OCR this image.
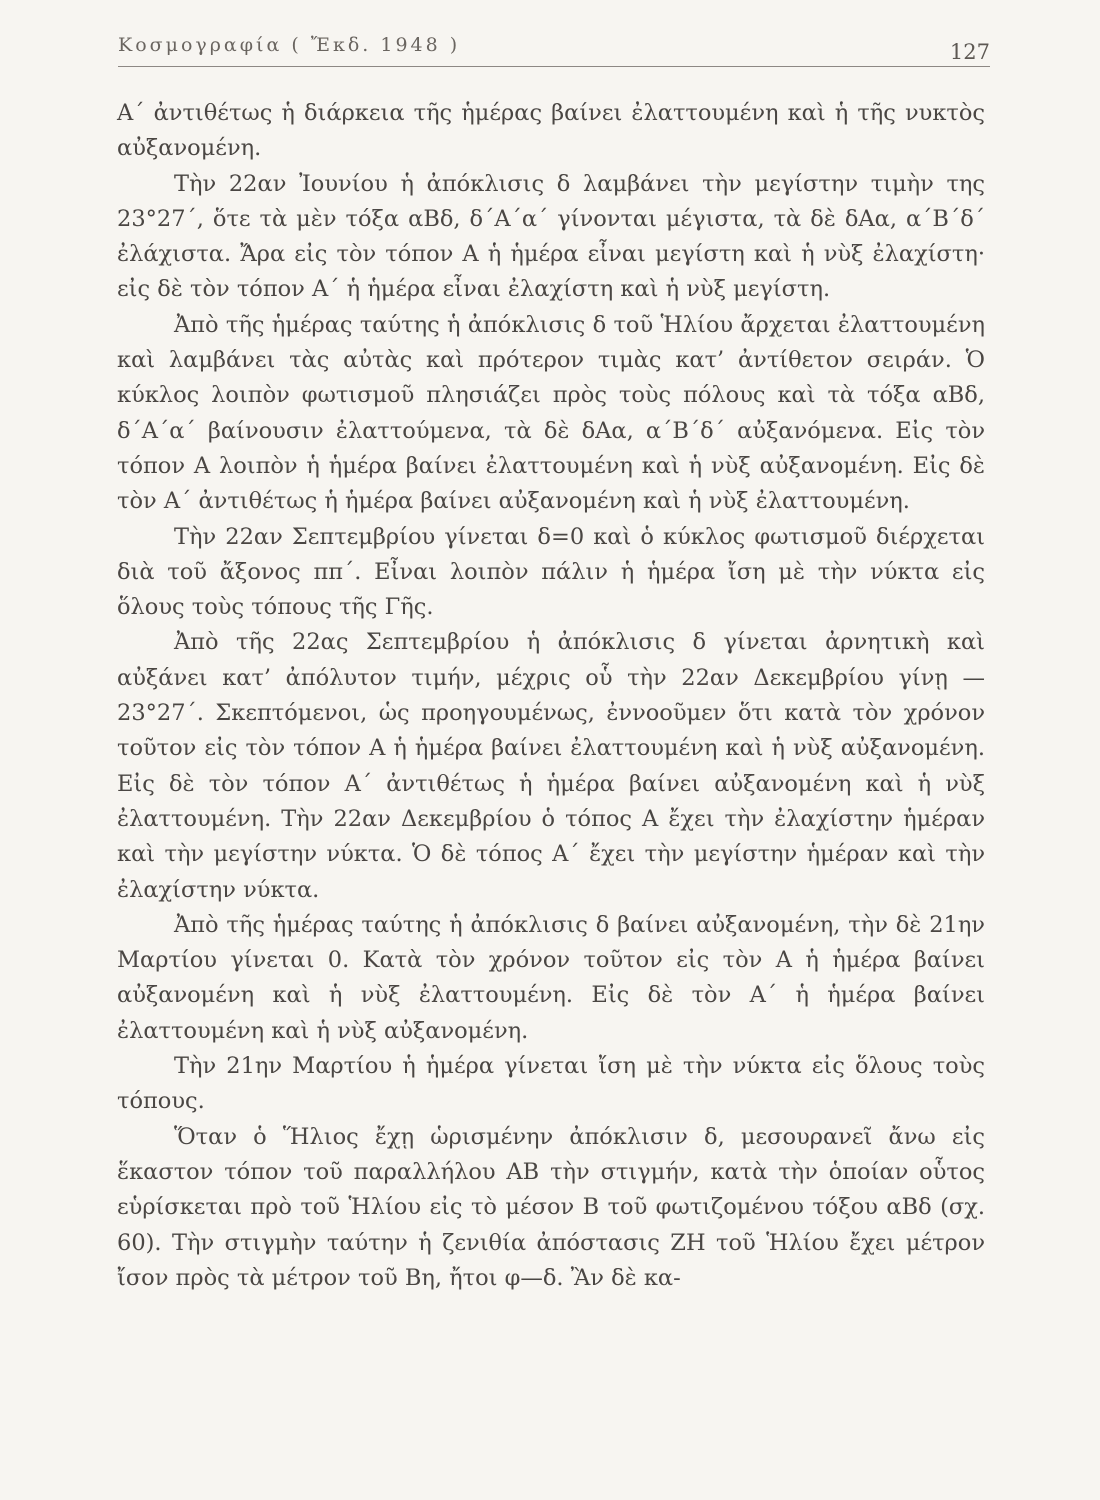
Κοσμογραφία ( Ἔκδ. 1948 )	127

Α΄ ἀντιθέτως ἡ διάρκεια τῆς ἡμέρας βαίνει ἐλαττουμένη καὶ ἡ τῆς νυκτὸς αὐξανομένη.

Τὴν 22αν Ἰουνίου ἡ ἀπόκλισις δ λαμβάνει τὴν μεγίστην τιμὴν της 23°27΄, ὅτε τὰ μὲν τόξα αΒδ, δ΄Α΄α΄ γίνονται μέγιστα, τὰ δὲ δΑα, α΄Β΄δ΄ ἐλάχιστα. Ἄρα εἰς τὸν τόπον Α ἡ ἡμέρα εἶναι μεγίστη καὶ ἡ νὺξ ἐλαχίστη· εἰς δὲ τὸν τόπον Α΄ ἡ ἡμέρα εἶναι ἐλαχίστη καὶ ἡ νὺξ μεγίστη.

Ἀπὸ τῆς ἡμέρας ταύτης ἡ ἀπόκλισις δ τοῦ Ἡλίου ἄρχεται ἐλαττουμένη καὶ λαμβάνει τὰς αὐτὰς καὶ πρότερον τιμὰς κατ’ ἀντίθετον σειράν. Ὁ κύκλος λοιπὸν φωτισμοῦ πλησιάζει πρὸς τοὺς πόλους καὶ τὰ τόξα αΒδ, δ΄Α΄α΄ βαίνουσιν ἐλαττούμενα, τὰ δὲ δΑα, α΄Β΄δ΄ αὐξανόμενα. Εἰς τὸν τόπον Α λοιπὸν ἡ ἡμέρα βαίνει ἐλαττουμένη καὶ ἡ νὺξ αὐξανομένη. Εἰς δὲ τὸν Α΄ ἀντιθέτως ἡ ἡμέρα βαίνει αὐξανομένη καὶ ἡ νὺξ ἐλαττουμένη.

Τὴν 22αν Σεπτεμβρίου γίνεται δ=0 καὶ ὁ κύκλος φωτισμοῦ διέρχεται διὰ τοῦ ἄξονος ππ΄. Εἶναι λοιπὸν πάλιν ἡ ἡμέρα ἴση μὲ τὴν νύκτα εἰς ὅλους τοὺς τόπους τῆς Γῆς.

Ἀπὸ τῆς 22ας Σεπτεμβρίου ἡ ἀπόκλισις δ γίνεται ἀρνητικὴ καὶ αὐξάνει κατ’ ἀπόλυτον τιμήν, μέχρις οὗ τὴν 22αν Δεκεμβρίου γίνῃ —23°27΄. Σκεπτόμενοι, ὡς προηγουμένως, ἐννοοῦμεν ὅτι κατὰ τὸν χρόνον τοῦτον εἰς τὸν τόπον Α ἡ ἡμέρα βαίνει ἐλαττουμένη καὶ ἡ νὺξ αὐξανομένη. Εἰς δὲ τὸν τόπον Α΄ ἀντιθέτως ἡ ἡμέρα βαίνει αὐξανομένη καὶ ἡ νὺξ ἐλαττουμένη. Τὴν 22αν Δεκεμβρίου ὁ τόπος Α ἔχει τὴν ἐλαχίστην ἡμέραν καὶ τὴν μεγίστην νύκτα. Ὁ δὲ τόπος Α΄ ἔχει τὴν μεγίστην ἡμέραν καὶ τὴν ἐλαχίστην νύκτα.

Ἀπὸ τῆς ἡμέρας ταύτης ἡ ἀπόκλισις δ βαίνει αὐξανομένη, τὴν δὲ 21ην Μαρτίου γίνεται 0. Κατὰ τὸν χρόνον τοῦτον εἰς τὸν Α ἡ ἡμέρα βαίνει αὐξανομένη καὶ ἡ νὺξ ἐλαττουμένη. Εἰς δὲ τὸν Α΄ ἡ ἡμέρα βαίνει ἐλαττουμένη καὶ ἡ νὺξ αὐξανομένη.

Τὴν 21ην Μαρτίου ἡ ἡμέρα γίνεται ἴση μὲ τὴν νύκτα εἰς ὅλους τοὺς τόπους.

Ὅταν ὁ Ἥλιος ἔχῃ ὡρισμένην ἀπόκλισιν δ, μεσουρανεῖ ἄνω εἰς ἕκαστον τόπον τοῦ παραλλήλου ΑΒ τὴν στιγμήν, κατὰ τὴν ὁποίαν οὗτος εὑρίσκεται πρὸ τοῦ Ἡλίου εἰς τὸ μέσον Β τοῦ φωτιζομένου τόξου αΒδ (σχ. 60). Τὴν στιγμὴν ταύτην ἡ ζενιθία ἀπόστασις ΖΗ τοῦ Ἡλίου ἔχει μέτρον ἴσον πρὸς τὰ μέτρον τοῦ Βη, ἤτοι φ—δ. Ἂν δὲ κα-
